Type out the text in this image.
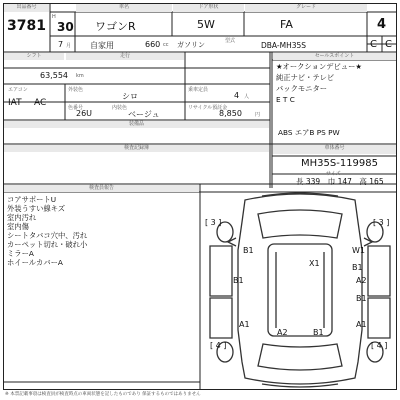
出品番号
3781
H
30
7 月
車名
ワゴンR
自家用	660 cc ガソリン
ドア形状
5W
グレード
FA
型式	DBA-MH35S
4
C C
シフト	走行
63,554 km
エアコン
IAT AC
外装色
シロ
乗車定員
4 人
色番号
26U
内装色
ベージュ
リサイクル預託金
8,850	円
装備品
検査記録簿
セールスポイント
★オークションデビュー★
純正ナビ・テレビ
バックモニター
E T C
ABS エアB PS PW
車体番号
MH35S-119985
サイズ
長 339　巾 147　高 165
検査員報告
コアサポートU
外装うすい線キズ
室内汚れ
室内傷
シートタバコ穴中、汚れ
カーペット切れ・破れ小
ミラーA
ホイールカバーA
[ 3 ]	[ 3 ]
B1	W1
X1	B1
A2
B1
B1
A1	A1
A2	B1
[ 4 ]	[ 4 ]
※ 本票記載事項は検査員が検査時点の車両状態を記したものであり 保証するものではありません
